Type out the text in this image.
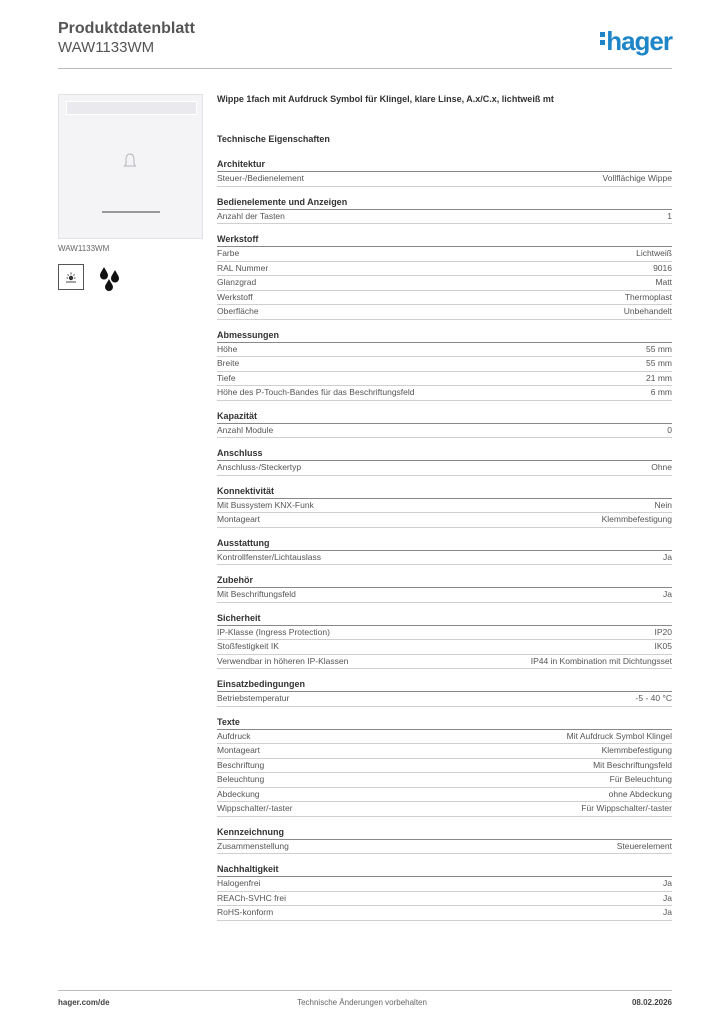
Produktdatenblatt
WAW1133WM	hager
WAW1133WM
Wippe 1fach mit Aufdruck Symbol für Klingel, klare Linse, A.x/C.x, lichtweiß mt
Technische Eigenschaften
Architektur
Steuer-/Bedienelement	Vollflächige Wippe
Bedienelemente und Anzeigen
Anzahl der Tasten	1
Werkstoff
Farbe	Lichtweiß
RAL Nummer	9016
Glanzgrad	Matt
Werkstoff	Thermoplast
Oberfläche	Unbehandelt
Abmessungen
Höhe	55 mm
Breite	55 mm
Tiefe	21 mm
Höhe des P-Touch-Bandes für das Beschriftungsfeld	6 mm
Kapazität
Anzahl Module	0
Anschluss
Anschluss-/Steckertyp	Ohne
Konnektivität
Mit Bussystem KNX-Funk	Nein
Montageart	Klemmbefestigung
Ausstattung
Kontrollfenster/Lichtauslass	Ja
Zubehör
Mit Beschriftungsfeld	Ja
Sicherheit
IP-Klasse (Ingress Protection)	IP20
Stoßfestigkeit IK	IK05
Verwendbar in höheren IP-Klassen	IP44 in Kombination mit Dichtungsset
Einsatzbedingungen
Betriebstemperatur	-5 - 40 °C
Texte
Aufdruck	Mit Aufdruck Symbol Klingel
Montageart	Klemmbefestigung
Beschriftung	Mit Beschriftungsfeld
Beleuchtung	Für Beleuchtung
Abdeckung	ohne Abdeckung
Wippschalter/-taster	Für Wippschalter/-taster
Kennzeichnung
Zusammenstellung	Steuerelement
Nachhaltigkeit
Halogenfrei	Ja
REACh-SVHC frei	Ja
RoHS-konform	Ja
hager.com/de	Technische Änderungen vorbehalten	08.02.2026
